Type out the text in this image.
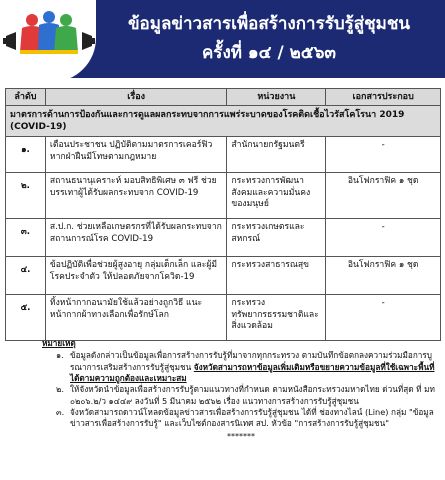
ข้อมูลข่าวสารเพื่อสร้างการรับรู้สู่ชุมชน
ครั้งที่ ๑๔ / ๒๕๖๓
ลำดับ	เรื่อง	หน่วยงาน	เอกสารประกอบ
มาตรการด้านการป้องกันและการดูแลผลกระทบจากการแพร่ระบาดของโรคติดเชื้อไวรัสโคโรนา 2019 (COVID-19)			
๑.	เตือนประชาชน ปฏิบัติตามมาตรการเคอร์ฟิว หากฝ่าฝืนมีโทษตามกฎหมาย	สำนักนายกรัฐมนตรี	-
๒.	สถานธนานุเคราะห์ มอบสิทธิพิเศษ ๓ ฟรี ช่วยบรรเทาผู้ได้รับผลกระทบจาก COVID-19	กระทรวงการพัฒนาสังคมและความมั่นคงของมนุษย์	อินโฟกราฟิค ๑ ชุด
๓.	ส.ป.ก. ช่วยเหลือเกษตรกรที่ได้รับผลกระทบจากสถานการณ์โรค COVID-19	กระทรวงเกษตรและสหกรณ์	-
๔.	ข้อปฏิบัติเพื่อช่วยผู้สูงอายุ กลุ่มเด็กเล็ก และผู้มีโรคประจำตัว ให้ปลอดภัยจากโควิด-19	กระทรวงสาธารณสุข	อินโฟกราฟิค ๑ ชุด
๕.	ทิ้งหน้ากากอนามัยใช้แล้วอย่างถูกวิธี แนะหน้ากากผ้าทางเลือกเพื่อรักษ์โลก	กระทรวงทรัพยากรธรรมชาติและสิ่งแวดล้อม	-
หมายเหตุ
๑. ข้อมูลดังกล่าวเป็นข้อมูลเพื่อการสร้างการรับรู้ที่มาจากทุกกระทรวง ตามบันทึกข้อตกลงความร่วมมือการบูรณาการเสริมสร้างการรับรู้สู่ชุมชน จังหวัดสามารถหาข้อมูลเพิ่มเติมหรือขยายความข้อมูลที่ใช้เฉพาะพื้นที่ได้ตามความถูกต้องและเหมาะสม
๒. ให้จังหวัดนำข้อมูลเพื่อสร้างการรับรู้ตามแนวทางที่กำหนด ตามหนังสือกระทรวงมหาดไทย ด่วนที่สุด ที่ มท ๐๒๐๖.๒/ว ๑๔๔๙ ลงวันที่ 5 มีนาคม ๒๕๖๒ เรื่อง แนวทางการสร้างการรับรู้สู่ชุมชน
๓. จังหวัดสามารถดาวน์โหลดข้อมูลข่าวสารเพื่อสร้างการรับรู้สู่ชุมชน ได้ที่ ช่องทางไลน์ (Line) กลุ่ม "ข้อมูลข่าวสารเพื่อสร้างการรับรู้" และเว็บไซต์กองสารนิเทศ สป. หัวข้อ "การสร้างการรับรู้สู่ชุมชน"
*******
